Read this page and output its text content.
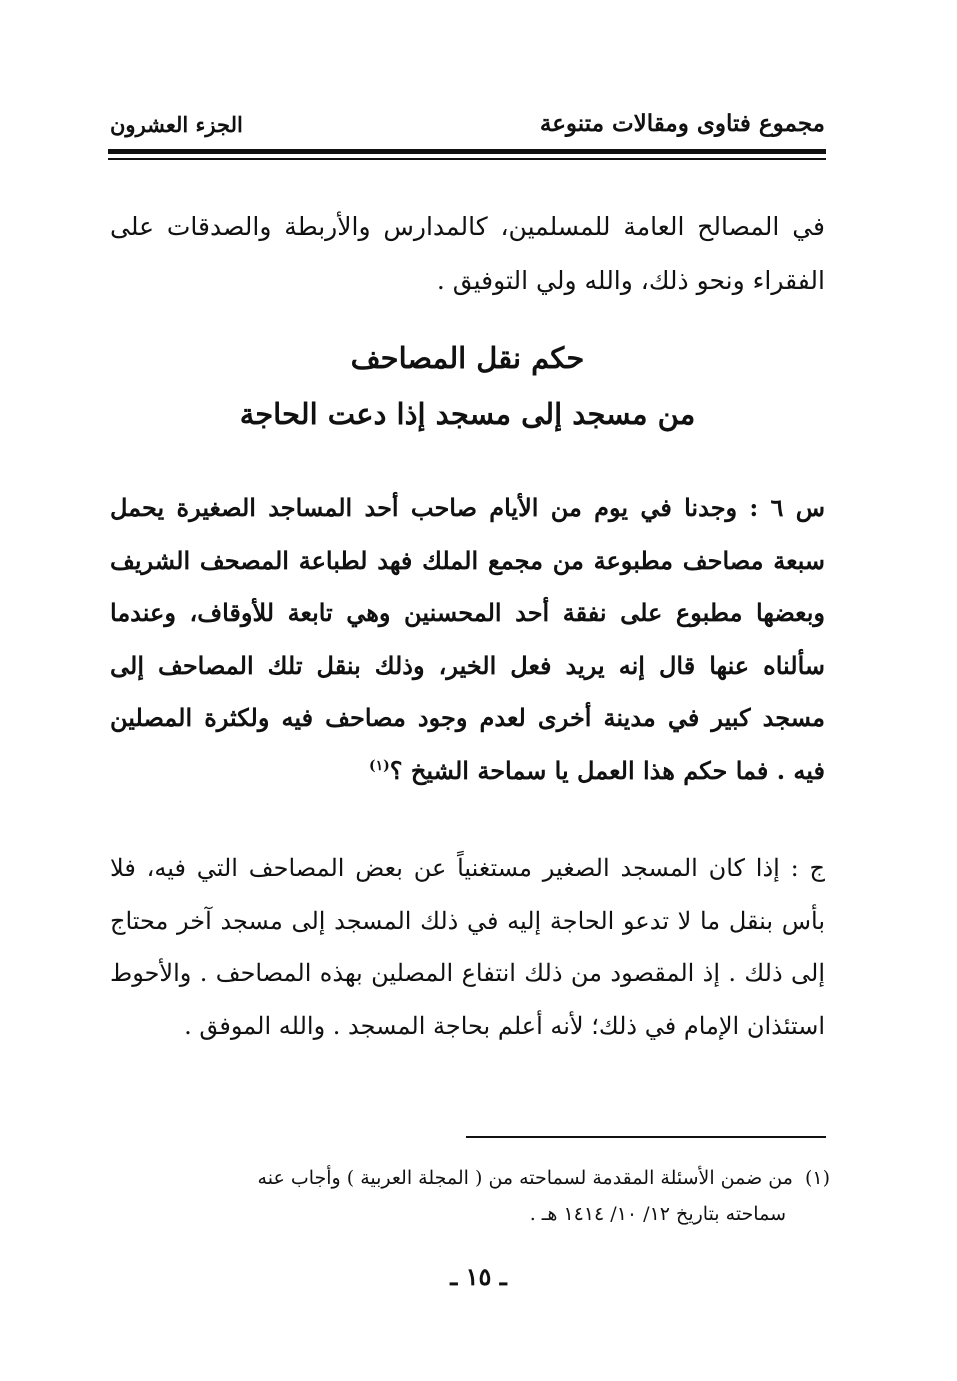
مجموع فتاوى ومقالات متنوعة
الجزء العشرون

في المصالح العامة للمسلمين، كالمدارس والأربطة والصدقات على الفقراء ونحو ذلك، والله ولي التوفيق .

حكم نقل المصاحف
من مسجد إلى مسجد إذا دعت الحاجة

س ٦ : وجدنا في يوم من الأيام صاحب أحد المساجد الصغيرة يحمل سبعة مصاحف مطبوعة من مجمع الملك فهد لطباعة المصحف الشريف وبعضها مطبوع على نفقة أحد المحسنين وهي تابعة للأوقاف، وعندما سألناه عنها قال إنه يريد فعل الخير، وذلك بنقل تلك المصاحف إلى مسجد كبير في مدينة أخرى لعدم وجود مصاحف فيه ولكثرة المصلين فيه . فما حكم هذا العمل يا سماحة الشيخ ؟$^{(١)}$

ج : إذا كان المسجد الصغير مستغنياً عن بعض المصاحف التي فيه، فلا بأس بنقل ما لا تدعو الحاجة إليه في ذلك المسجد إلى مسجد آخر محتاج إلى ذلك . إذ المقصود من ذلك انتفاع المصلين بهذه المصاحف . والأحوط استئذان الإمام في ذلك؛ لأنه أعلم بحاجة المسجد . والله الموفق .

(١)من ضمن الأسئلة المقدمة لسماحته من ( المجلة العربية ) وأجاب عنه
سماحته بتاريخ ١٢/ ١٠/ ١٤١٤ هـ .
ـ ١٥ ـ
